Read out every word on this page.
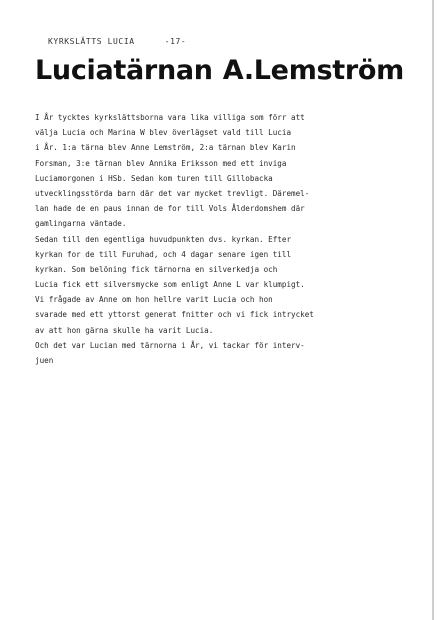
KYRKSLÄTTS LUCIA	-17-
Luciatärnan A.Lemström
I År tycktes kyrkslättsborna vara lika villiga som förr att
välja Lucia och Marina W blev överlägset vald till Lucia
i År. 1:a tärna blev Anne Lemström, 2:a tärnan blev Karin
Forsman, 3:e tärnan blev Annika Eriksson med ett inviga
Luciamorgonen i HSb. Sedan kom turen till Gillobacka
utvecklingsstörda barn där det var mycket trevligt. Däremel-
lan hade de en paus innan de for till Vols Ålderdomshem där
gamlingarna väntade.
Sedan till den egentliga huvudpunkten dvs. kyrkan. Efter
kyrkan for de till Furuhad, och 4 dagar senare igen till
kyrkan. Som belöning fick tärnorna en silverkedja och
Lucia fick ett silversmycke som enligt Anne L var klumpigt.
Vi frågade av Anne om hon hellre varit Lucia och hon
svarade med ett yttorst generat fnitter och vi fick intrycket
av att hon gärna skulle ha varit Lucia.
Och det var Lucian med tärnorna i År, vi tackar för interv-
juen
